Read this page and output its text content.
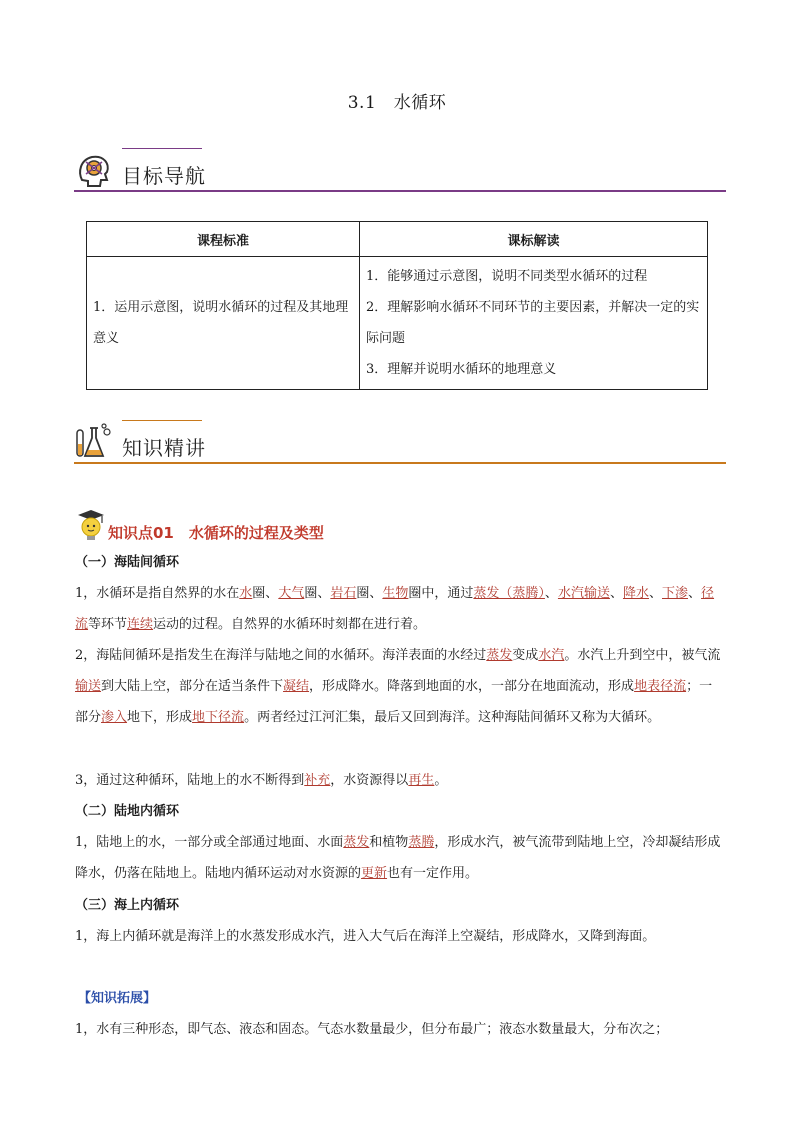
3.1　水循环
目标导航
课程标准	课标解读
1．运用示意图，说明水循环的过程及其地理意义	1．能够通过示意图，说明不同类型水循环的过程
2．理解影响水循环不同环节的主要因素，并解决一定的实际问题
3．理解并说明水循环的地理意义
知识精讲
知识点01　水循环的过程及类型
（一）海陆间循环
1，水循环是指自然界的水在水圈、大气圈、岩石圈、生物圈中，通过蒸发（蒸腾）、水汽输送、降水、下渗、径流等环节连续运动的过程。自然界的水循环时刻都在进行着。
2，海陆间循环是指发生在海洋与陆地之间的水循环。海洋表面的水经过蒸发变成水汽。水汽上升到空中，被气流输送到大陆上空，部分在适当条件下凝结，形成降水。降落到地面的水，一部分在地面流动，形成地表径流；一部分渗入地下，形成地下径流。两者经过江河汇集，最后又回到海洋。这种海陆间循环又称为大循环。
3，通过这种循环，陆地上的水不断得到补充，水资源得以再生。
（二）陆地内循环
1，陆地上的水，一部分或全部通过地面、水面蒸发和植物蒸腾，形成水汽，被气流带到陆地上空，冷却凝结形成降水，仍落在陆地上。陆地内循环运动对水资源的更新也有一定作用。
（三）海上内循环
1，海上内循环就是海洋上的水蒸发形成水汽，进入大气后在海洋上空凝结，形成降水，又降到海面。
【知识拓展】
1，水有三种形态，即气态、液态和固态。气态水数量最少，但分布最广；液态水数量最大，分布次之；
